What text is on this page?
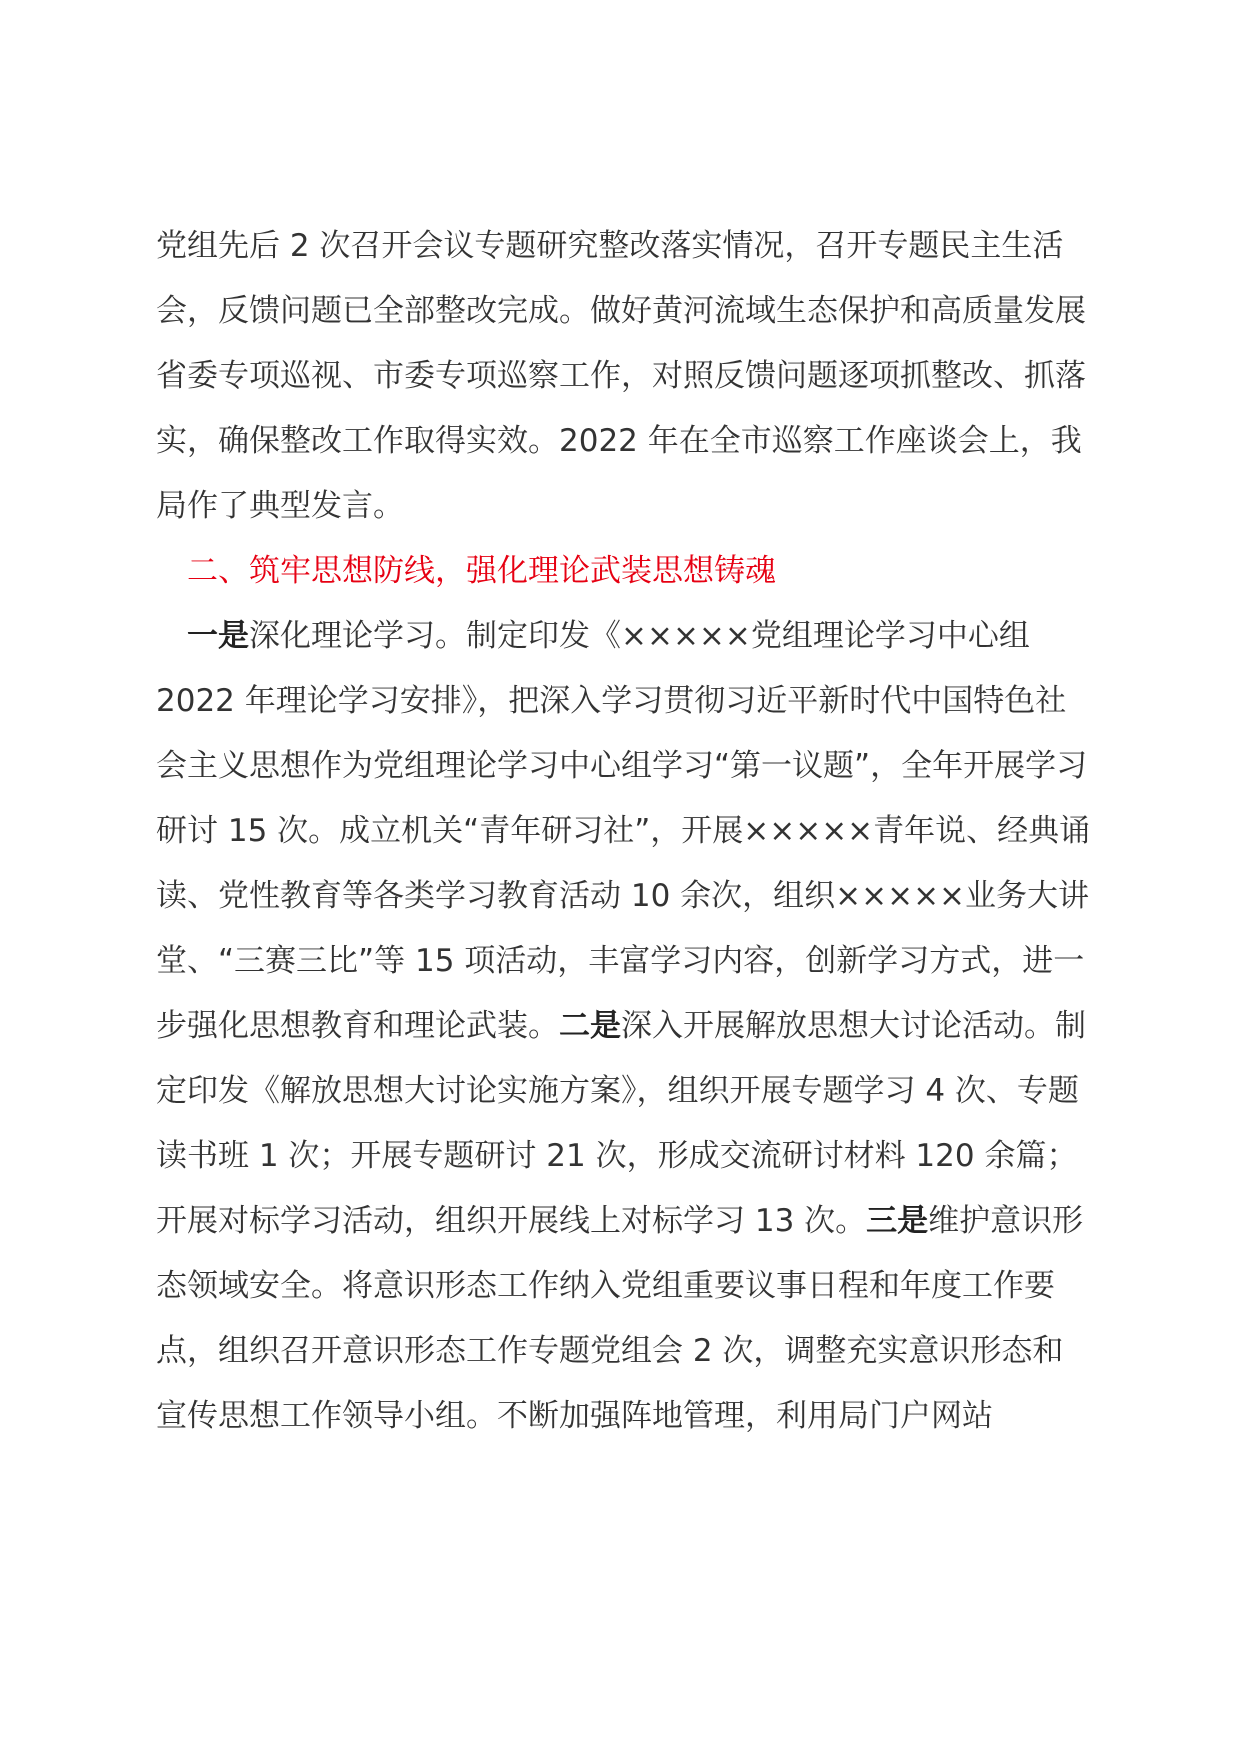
党组先后 2 次召开会议专题研究整改落实情况，召开专题民主生活会，反馈问题已全部整改完成。做好黄河流域生态保护和高质量发展省委专项巡视、市委专项巡察工作，对照反馈问题逐项抓整改、抓落实，确保整改工作取得实效。2022 年在全市巡察工作座谈会上，我局作了典型发言。

二、筑牢思想防线，强化理论武装思想铸魂

一是深化理论学习。制定印发《×××××党组理论学习中心组 2022 年理论学习安排》，把深入学习贯彻习近平新时代中国特色社会主义思想作为党组理论学习中心组学习“第一议题”，全年开展学习研讨 15 次。成立机关“青年研习社”，开展×××××青年说、经典诵读、党性教育等各类学习教育活动 10 余次，组织×××××业务大讲堂、“三赛三比”等 15 项活动，丰富学习内容，创新学习方式，进一步强化思想教育和理论武装。二是深入开展解放思想大讨论活动。制定印发《解放思想大讨论实施方案》，组织开展专题学习 4 次、专题读书班 1 次；开展专题研讨 21 次，形成交流研讨材料 120 余篇；开展对标学习活动，组织开展线上对标学习 13 次。三是维护意识形态领域安全。将意识形态工作纳入党组重要议事日程和年度工作要点，组织召开意识形态工作专题党组会 2 次，调整充实意识形态和宣传思想工作领导小组。不断加强阵地管理，利用局门户网站
